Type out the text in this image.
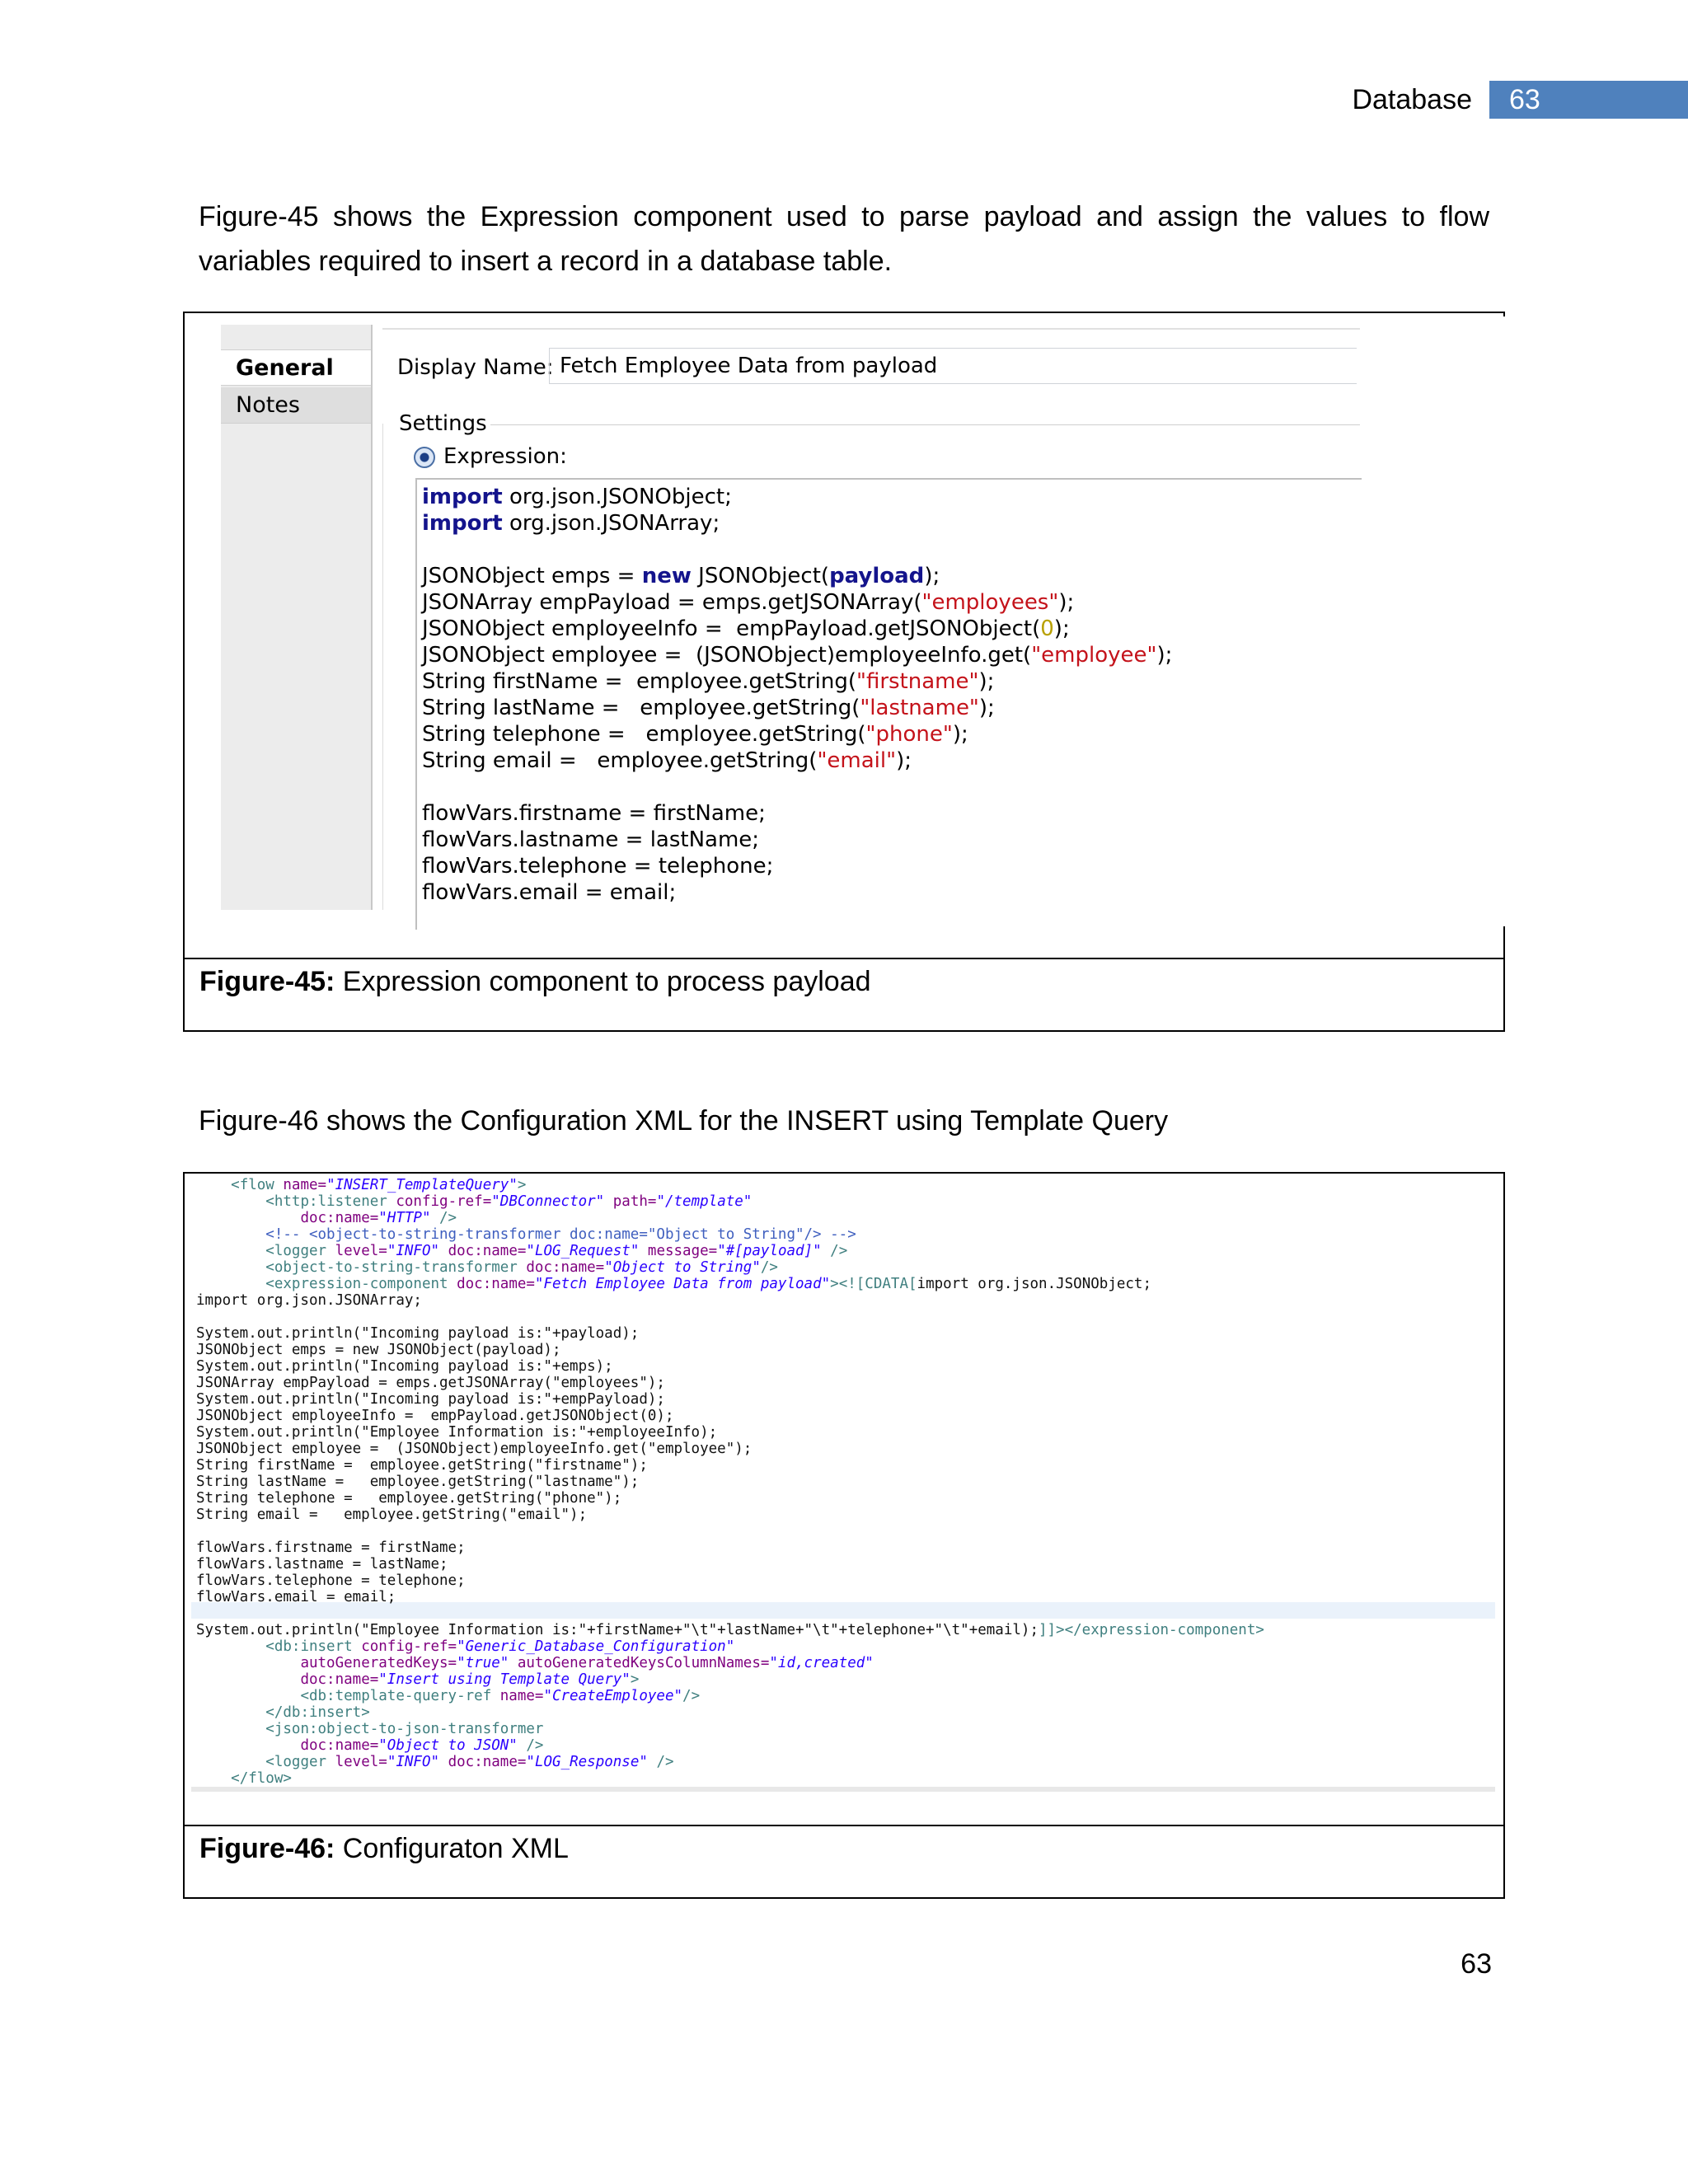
Database 63
Figure-45 shows the Expression component used to parse payload and assign the values to flow
variables required to insert a record in a database table.
General
Notes
Display Name: Fetch Employee Data from payload
Settings
Expression:
import org.json.JSONObject;
import org.json.JSONArray;

JSONObject emps = new JSONObject(payload);
JSONArray empPayload = emps.getJSONArray("employees");
JSONObject employeeInfo =  empPayload.getJSONObject(0);
JSONObject employee =  (JSONObject)employeeInfo.get("employee");
String firstName =  employee.getString("firstname");
String lastName =   employee.getString("lastname");
String telephone =   employee.getString("phone");
String email =   employee.getString("email");

flowVars.firstname = firstName;
flowVars.lastname = lastName;
flowVars.telephone = telephone;
flowVars.email = email;
Figure-45: Expression component to process payload
Figure-46 shows the Configuration XML for the INSERT using Template Query
<flow name="INSERT_TemplateQuery">
<http:listener config-ref="DBConnector" path="/template"
doc:name="HTTP" />
<!-- <object-to-string-transformer doc:name="Object to String"/> -->
<logger level="INFO" doc:name="LOG_Request" message="#[payload]" />
<object-to-string-transformer doc:name="Object to String"/>
<expression-component doc:name="Fetch Employee Data from payload"><![CDATA[import org.json.JSONObject;
import org.json.JSONArray;

System.out.println("Incoming payload is:"+payload);
JSONObject emps = new JSONObject(payload);
System.out.println("Incoming payload is:"+emps);
JSONArray empPayload = emps.getJSONArray("employees");
System.out.println("Incoming payload is:"+empPayload);
JSONObject employeeInfo =  empPayload.getJSONObject(0);
System.out.println("Employee Information is:"+employeeInfo);
JSONObject employee =  (JSONObject)employeeInfo.get("employee");
String firstName =  employee.getString("firstname");
String lastName =   employee.getString("lastname");
String telephone =   employee.getString("phone");
String email =   employee.getString("email");

flowVars.firstname = firstName;
flowVars.lastname = lastName;
flowVars.telephone = telephone;
flowVars.email = email;

System.out.println("Employee Information is:"+firstName+"\t"+lastName+"\t"+telephone+"\t"+email);]]></expression-component>
<db:insert config-ref="Generic_Database_Configuration"
autoGeneratedKeys="true" autoGeneratedKeysColumnNames="id,created"
doc:name="Insert using Template Query">
<db:template-query-ref name="CreateEmployee"/>
</db:insert>
<json:object-to-json-transformer
doc:name="Object to JSON" />
<logger level="INFO" doc:name="LOG_Response" />
</flow>
Figure-46: Configuraton XML
63
